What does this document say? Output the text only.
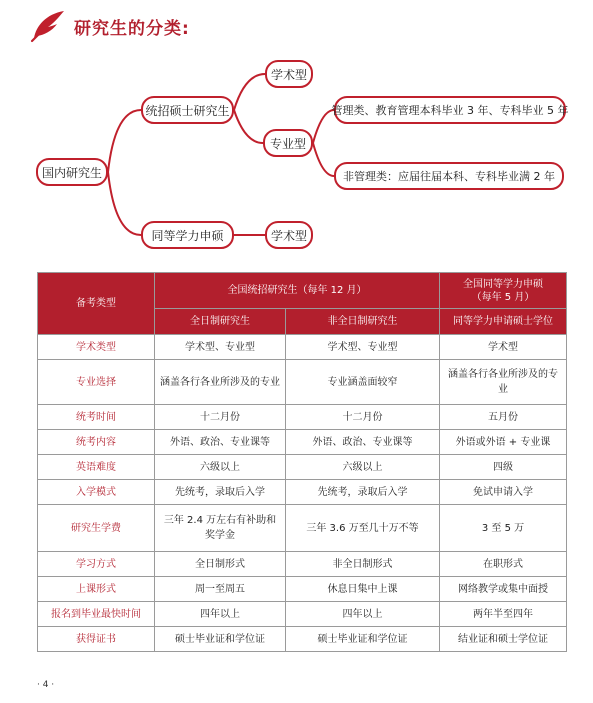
研究生的分类:
国内研究生
统招硕士研究生
学术型
专业型
管理类、教育管理本科毕业 3 年、专科毕业 5 年
非管理类：应届往届本科、专科毕业满 2 年
同等学力申硕	学术型
备考类型	全国统招研究生（每年 12 月）		全国同等学力申硕
（每年 5 月）
	全日制研究生	非全日制研究生	同等学力申请硕士学位
学术类型	学术型、专业型	学术型、专业型	学术型
专业选择	涵盖各行各业所涉及的专业	专业涵盖面较窄	涵盖各行各业所涉及的专业
统考时间	十二月份	十二月份	五月份
统考内容	外语、政治、专业课等	外语、政治、专业课等	外语或外语 + 专业课
英语难度	六级以上	六级以上	四级
入学模式	先统考，录取后入学	先统考，录取后入学	免试申请入学
研究生学费	三年 2.4 万左右有补助和奖学金	三年 3.6 万至几十万不等	3 至 5 万
学习方式	全日制形式	非全日制形式	在职形式
上课形式	周一至周五	休息日集中上课	网络教学或集中面授
报名到毕业最快时间	四年以上	四年以上	两年半至四年
获得证书	硕士毕业证和学位证	硕士毕业证和学位证	结业证和硕士学位证
· 4 ·
